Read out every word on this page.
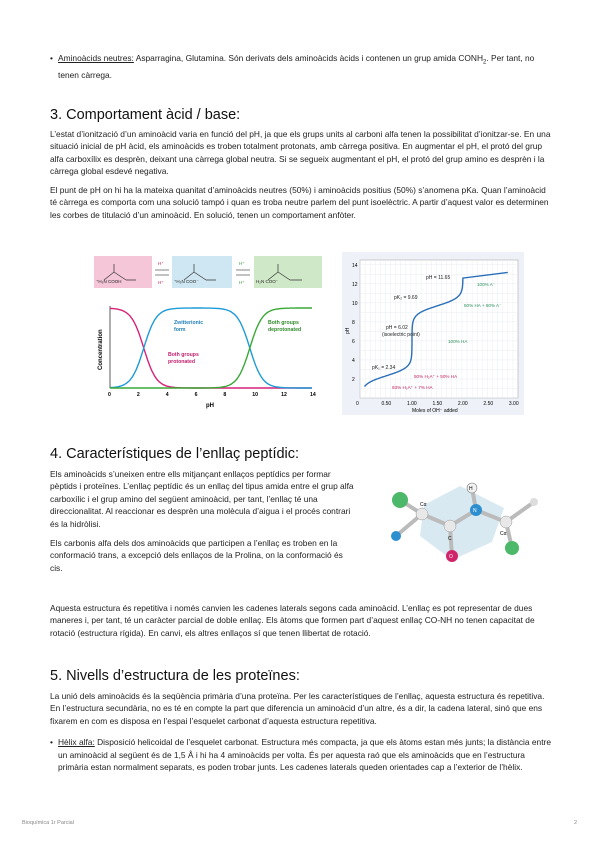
• Aminoàcids neutres: Asparragina, Glutamina. Són derivats dels aminoàcids àcids i contenen un grup amida $CONH_2$. Per tant, no tenen càrrega.
3. Comportament àcid / base:

L’estat d’ionització d’un aminoàcid varia en funció del pH, ja que els grups units al carboni alfa tenen la possibilitat d’ionitzar-se. En una situació inicial de pH àcid, els aminoàcids es troben totalment protonats, amb càrrega positiva. En augmentar el pH, el protó del grup alfa carboxílix es desprèn, deixant una càrrega global neutra. Si se segueix augmentant el pH, el protó del grup amino es desprèn i la càrrega global esdevé negativa.

El punt de pH on hi ha la mateixa quanitat d’aminoàcids neutres (50%) i aminoàcids positius (50%) s’anomena pKa. Quan l’aminoàcid té càrrega es comporta com una solució tampó i quan es troba neutre parlem del punt isoelèctric. A partir d’aquest valor es determinen les corbes de titulació d’un aminoàcid. En solució, tenen un comportament anfòter.

⁺H₃N COOH	⁺H₃N COO⁻	H₂N COO⁻
H⁺
H⁺
H⁺
H⁺
0	2	4	6	8	10	12	14
Concentration
pH
Zwitterionic
form
Both groups
deprotonated
Both groups
protonated
2
4
6
8
10
12
14
0	0.50	1.00	1.50	2.00	2.50	3.00
pH
Moles of OH⁻ added
pH = 11.65
pK₂ = 9.69
pH = 6.02
(isoelectric point)
pK₁ = 2.34
100% A⁻
50% HA + 50% A⁻
100% HA
50% H₂A⁺ + 50% HA
93% H₂A⁺ + 7% HA
4. Característiques de l’enllaç peptídic:

Els aminoàcids s’uneixen entre ells mitjançant enllaços peptídics per formar pèptids i proteïnes. L’enllaç peptídic és un enllaç del tipus amida entre el grup alfa carboxílic i el grup amino del següent aminoàcid, per tant, l’enllaç té una direccionalitat. Al reaccionar es desprèn una molècula d’aigua i el procés contrari és la hidròlisi.

Els carbonis alfa dels dos aminoàcids que participen a l’enllaç es troben en la conformació trans, a excepció dels enllaços de la Prolina, on la conformació és cis.

H
N
C
O
Cα
Cα

Aquesta estructura és repetitiva i només canvien les cadenes laterals segons cada aminoàcid. L’enllaç es pot representar de dues maneres i, per tant, té un caràcter parcial de doble enllaç. Els àtoms que formen part d’aquest enllaç CO-NH no tenen capacitat de rotació (estructura rígida). En canvi, els altres enllaços sí que tenen llibertat de rotació.

5. Nivells d’estructura de les proteïnes:

La unió dels aminoàcids és la seqüència primària d’una proteïna. Per les característiques de l’enllaç, aquesta estructura és repetitiva. En l’estructura secundària, no es té en compte la part que diferencia un aminoàcid d’un altre, és a dir, la cadena lateral, sinó que ens fixarem en com es disposa en l’espai l’esquelet carbonat d’aquesta estructura repetitiva.

• Hèlix alfa: Disposició helicoidal de l’esquelet carbonat. Estructura més compacta, ja que els àtoms estan més junts; la distància entre un aminoàcid al següent és de 1,5 Å i hi ha 4 aminoàcids per volta. És per aquesta raó que els aminoàcids que en l’estructura primària estan normalment separats, es poden trobar junts. Les cadenes laterals queden orientades cap a l’exterior de l’hèlix.
Bioquímica 1r Parcial	2
